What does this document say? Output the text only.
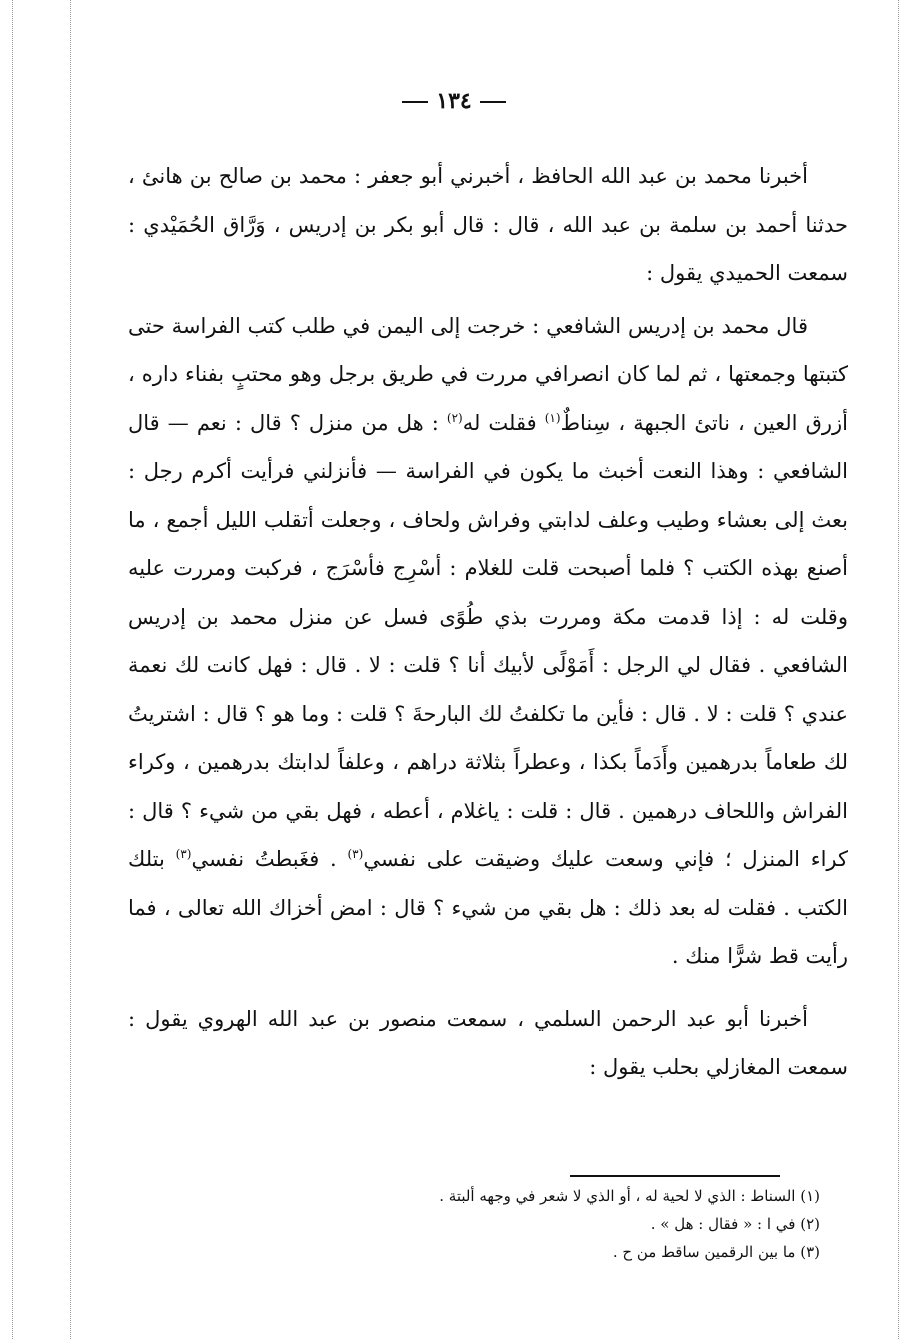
١٣٤

أخبرنا محمد بن عبد الله الحافظ ، أخبرني أبو جعفر : محمد بن صالح بن هانئ ، حدثنا أحمد بن سلمة بن عبد الله ، قال : قال أبو بكر بن إدريس ، وَرَّاق الحُمَيْدي : سمعت الحميدي يقول :

قال محمد بن إدريس الشافعي : خرجت إلى اليمن في طلب كتب الفراسة حتى كتبتها وجمعتها ، ثم لما كان انصرافي مررت في طريق برجل وهو محتبٍ بفناء داره ، أزرق العين ، ناتئ الجبهة ، سِناطٌ$^{(١)}$ فقلت له$^{(٢)}$ : هل من منزل ؟ قال : نعم — قال الشافعي : وهذا النعت أخبث ما يكون في الفراسة — فأنزلني فرأيت أكرم رجل : بعث إلى بعشاء وطيب وعلف لدابتي وفراش ولحاف ، وجعلت أتقلب الليل أجمع ، ما أصنع بهذه الكتب ؟ فلما أصبحت قلت للغلام : أسْرِج فأسْرَج ، فركبت ومررت عليه وقلت له : إذا قدمت مكة ومررت بذي طُوًى فسل عن منزل محمد بن إدريس الشافعي . فقال لي الرجل : أَمَوْلًى لأبيك أنا ؟ قلت : لا . قال : فهل كانت لك نعمة عندي ؟ قلت : لا . قال : فأين ما تكلفتُ لك البارحةَ ؟ قلت : وما هو ؟ قال : اشتريتُ لك طعاماً بدرهمين وأَدَماً بكذا ، وعطراً بثلاثة دراهم ، وعلفاً لدابتك بدرهمين ، وكراء الفراش واللحاف درهمين . قال : قلت : ياغلام ، أعطه ، فهل بقي من شيء ؟ قال : كراء المنزل ؛ فإني وسعت عليك وضيقت على نفسي$^{(٣)}$ . فغَبطتُ نفسي$^{(٣)}$ بتلك الكتب . فقلت له بعد ذلك : هل بقي من شيء ؟ قال : امض أخزاك الله تعالى ، فما رأيت قط شرًّا منك .

أخبرنا أبو عبد الرحمن السلمي ، سمعت منصور بن عبد الله الهروي يقول : سمعت المغازلي بحلب يقول :

(١) السناط : الذي لا لحية له ، أو الذي لا شعر في وجهه ألبتة .

(٢) في ا : « فقال : هل » .

(٣) ما بين الرقمين ساقط من ح .
